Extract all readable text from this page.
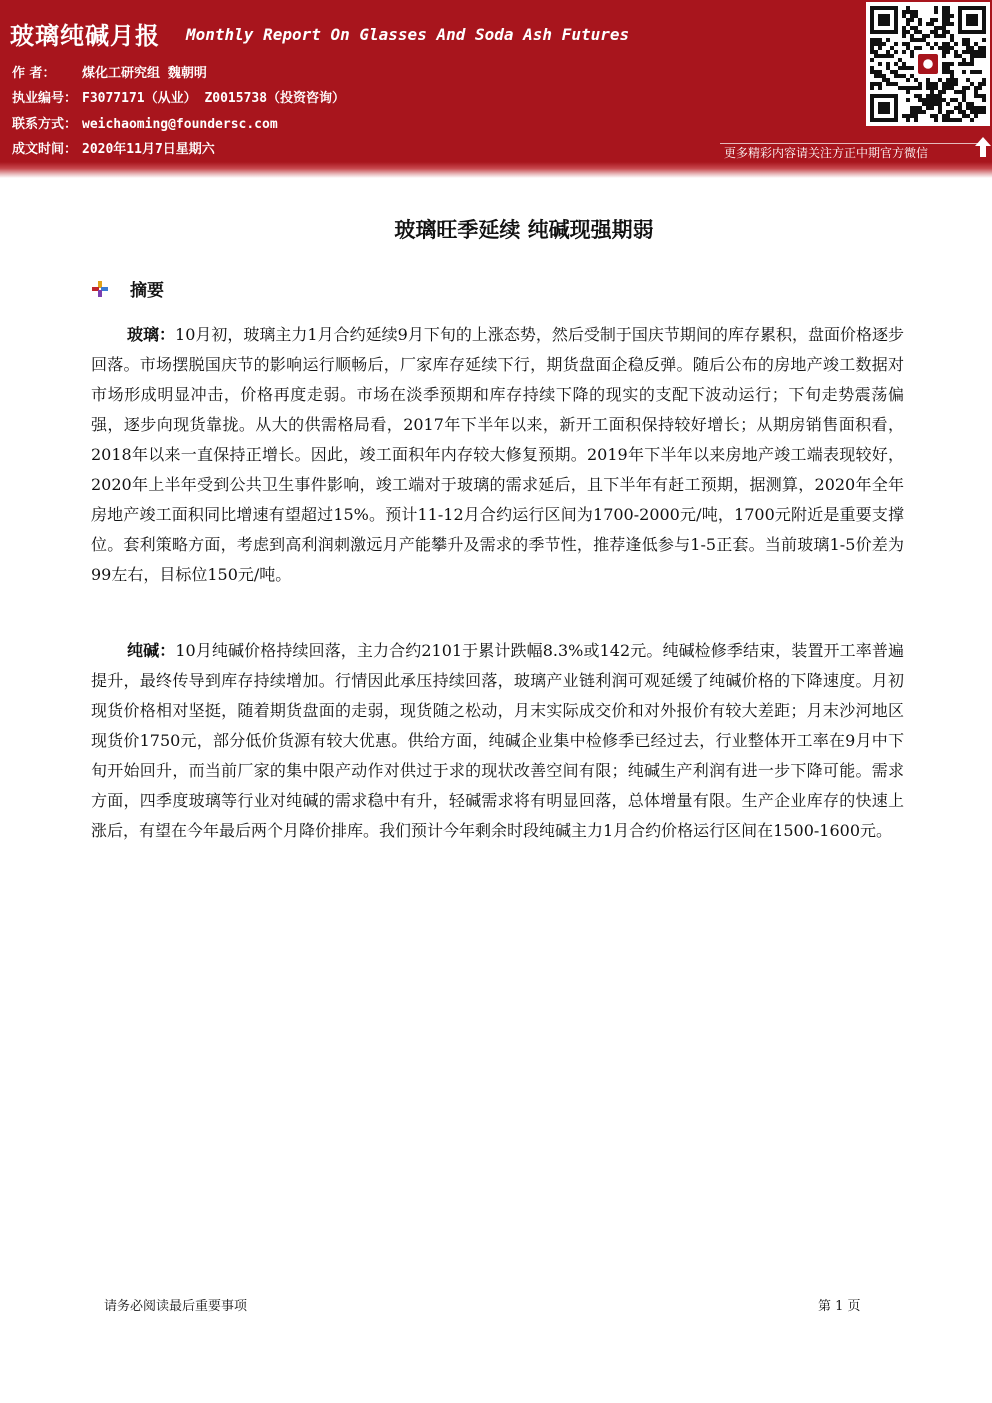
玻璃纯碱月报 Monthly Report On Glasses And Soda Ash Futures
作 者： 煤化工研究组 魏朝明
执业编号： F3077171（从业） Z0015738（投资咨询）
联系方式： weichaoming@foundersc.com
成文时间： 2020年11月7日星期六	更多精彩内容请关注方正中期官方微信
玻璃旺季延续 纯碱现强期弱
摘要
玻璃：10月初，玻璃主力1月合约延续9月下旬的上涨态势，然后受制于国庆节期间的库存累积，盘面价格逐步回落。市场摆脱国庆节的影响运行顺畅后，厂家库存延续下行，期货盘面企稳反弹。随后公布的房地产竣工数据对市场形成明显冲击，价格再度走弱。市场在淡季预期和库存持续下降的现实的支配下波动运行；下旬走势震荡偏强，逐步向现货靠拢。从大的供需格局看，2017年下半年以来，新开工面积保持较好增长；从期房销售面积看，2018年以来一直保持正增长。因此，竣工面积年内存较大修复预期。2019年下半年以来房地产竣工端表现较好，2020年上半年受到公共卫生事件影响，竣工端对于玻璃的需求延后，且下半年有赶工预期，据测算，2020年全年房地产竣工面积同比增速有望超过15%。预计11-12月合约运行区间为1700-2000元/吨，1700元附近是重要支撑位。套利策略方面，考虑到高利润刺激远月产能攀升及需求的季节性，推荐逢低参与1-5正套。当前玻璃1-5价差为99左右，目标位150元/吨。
纯碱：10月纯碱价格持续回落，主力合约2101于累计跌幅8.3%或142元。纯碱检修季结束，装置开工率普遍提升，最终传导到库存持续增加。行情因此承压持续回落，玻璃产业链利润可观延缓了纯碱价格的下降速度。月初现货价格相对坚挺，随着期货盘面的走弱，现货随之松动，月末实际成交价和对外报价有较大差距；月末沙河地区现货价1750元，部分低价货源有较大优惠。供给方面，纯碱企业集中检修季已经过去，行业整体开工率在9月中下旬开始回升，而当前厂家的集中限产动作对供过于求的现状改善空间有限；纯碱生产利润有进一步下降可能。需求方面，四季度玻璃等行业对纯碱的需求稳中有升，轻碱需求将有明显回落，总体增量有限。生产企业库存的快速上涨后，有望在今年最后两个月降价排库。我们预计今年剩余时段纯碱主力1月合约价格运行区间在1500-1600元。
请务必阅读最后重要事项	第 1 页
